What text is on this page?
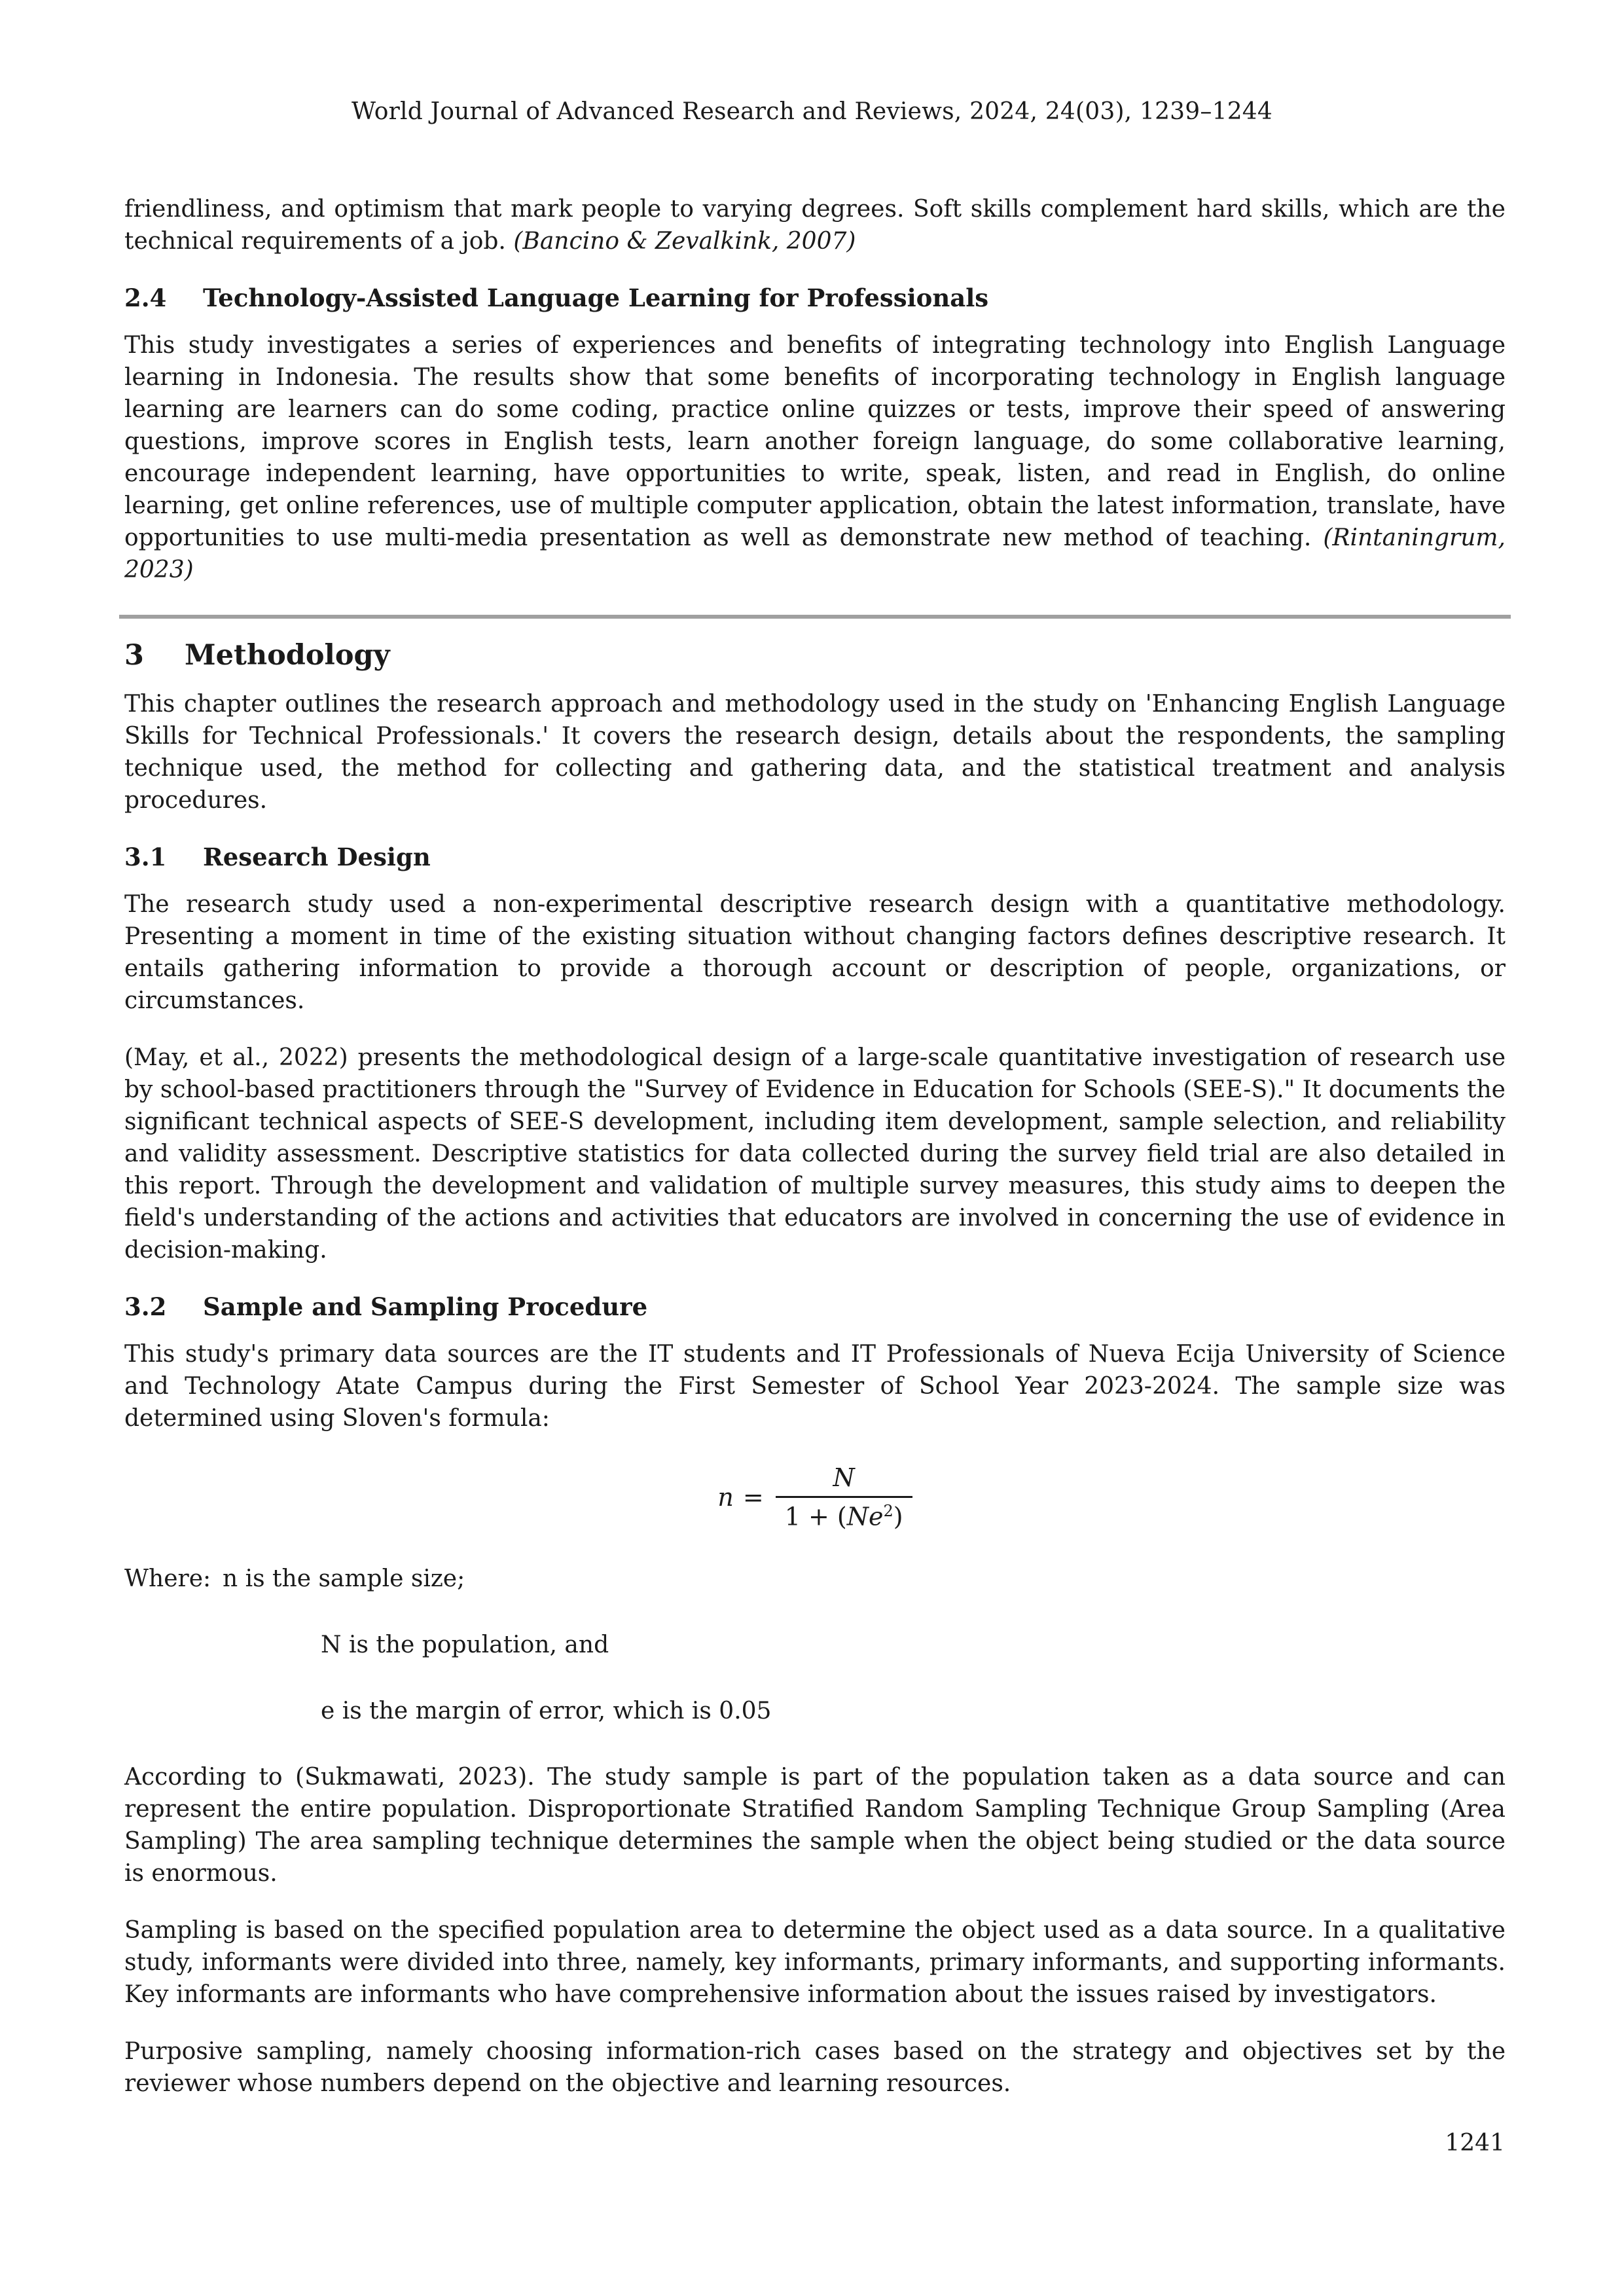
World Journal of Advanced Research and Reviews, 2024, 24(03), 1239–1244

friendliness, and optimism that mark people to varying degrees. Soft skills complement hard skills, which are the technical requirements of a job. (Bancino & Zevalkink, 2007)

2.4 Technology-Assisted Language Learning for Professionals

This study investigates a series of experiences and benefits of integrating technology into English Language learning in Indonesia. The results show that some benefits of incorporating technology in English language learning are learners can do some coding, practice online quizzes or tests, improve their speed of answering questions, improve scores in English tests, learn another foreign language, do some collaborative learning, encourage independent learning, have opportunities to write, speak, listen, and read in English, do online learning, get online references, use of multiple computer application, obtain the latest information, translate, have opportunities to use multi-media presentation as well as demonstrate new method of teaching. (Rintaningrum, 2023)

3 Methodology

This chapter outlines the research approach and methodology used in the study on 'Enhancing English Language Skills for Technical Professionals.' It covers the research design, details about the respondents, the sampling technique used, the method for collecting and gathering data, and the statistical treatment and analysis procedures.

3.1 Research Design

The research study used a non-experimental descriptive research design with a quantitative methodology. Presenting a moment in time of the existing situation without changing factors defines descriptive research. It entails gathering information to provide a thorough account or description of people, organizations, or circumstances.

(May, et al., 2022) presents the methodological design of a large-scale quantitative investigation of research use by school-based practitioners through the "Survey of Evidence in Education for Schools (SEE-S)." It documents the significant technical aspects of SEE-S development, including item development, sample selection, and reliability and validity assessment. Descriptive statistics for data collected during the survey field trial are also detailed in this report. Through the development and validation of multiple survey measures, this study aims to deepen the field's understanding of the actions and activities that educators are involved in concerning the use of evidence in decision-making.

3.2 Sample and Sampling Procedure

This study's primary data sources are the IT students and IT Professionals of Nueva Ecija University of Science and Technology Atate Campus during the First Semester of School Year 2023-2024. The sample size was determined using Sloven's formula:

$n = \frac{N}{1 + (Ne^2)}$
Where: n is the sample size;
N is the population, and
e is the margin of error, which is 0.05

According to (Sukmawati, 2023). The study sample is part of the population taken as a data source and can represent the entire population. Disproportionate Stratified Random Sampling Technique Group Sampling (Area Sampling) The area sampling technique determines the sample when the object being studied or the data source is enormous.

Sampling is based on the specified population area to determine the object used as a data source. In a qualitative study, informants were divided into three, namely, key informants, primary informants, and supporting informants. Key informants are informants who have comprehensive information about the issues raised by investigators.

Purposive sampling, namely choosing information-rich cases based on the strategy and objectives set by the reviewer whose numbers depend on the objective and learning resources.

1241
